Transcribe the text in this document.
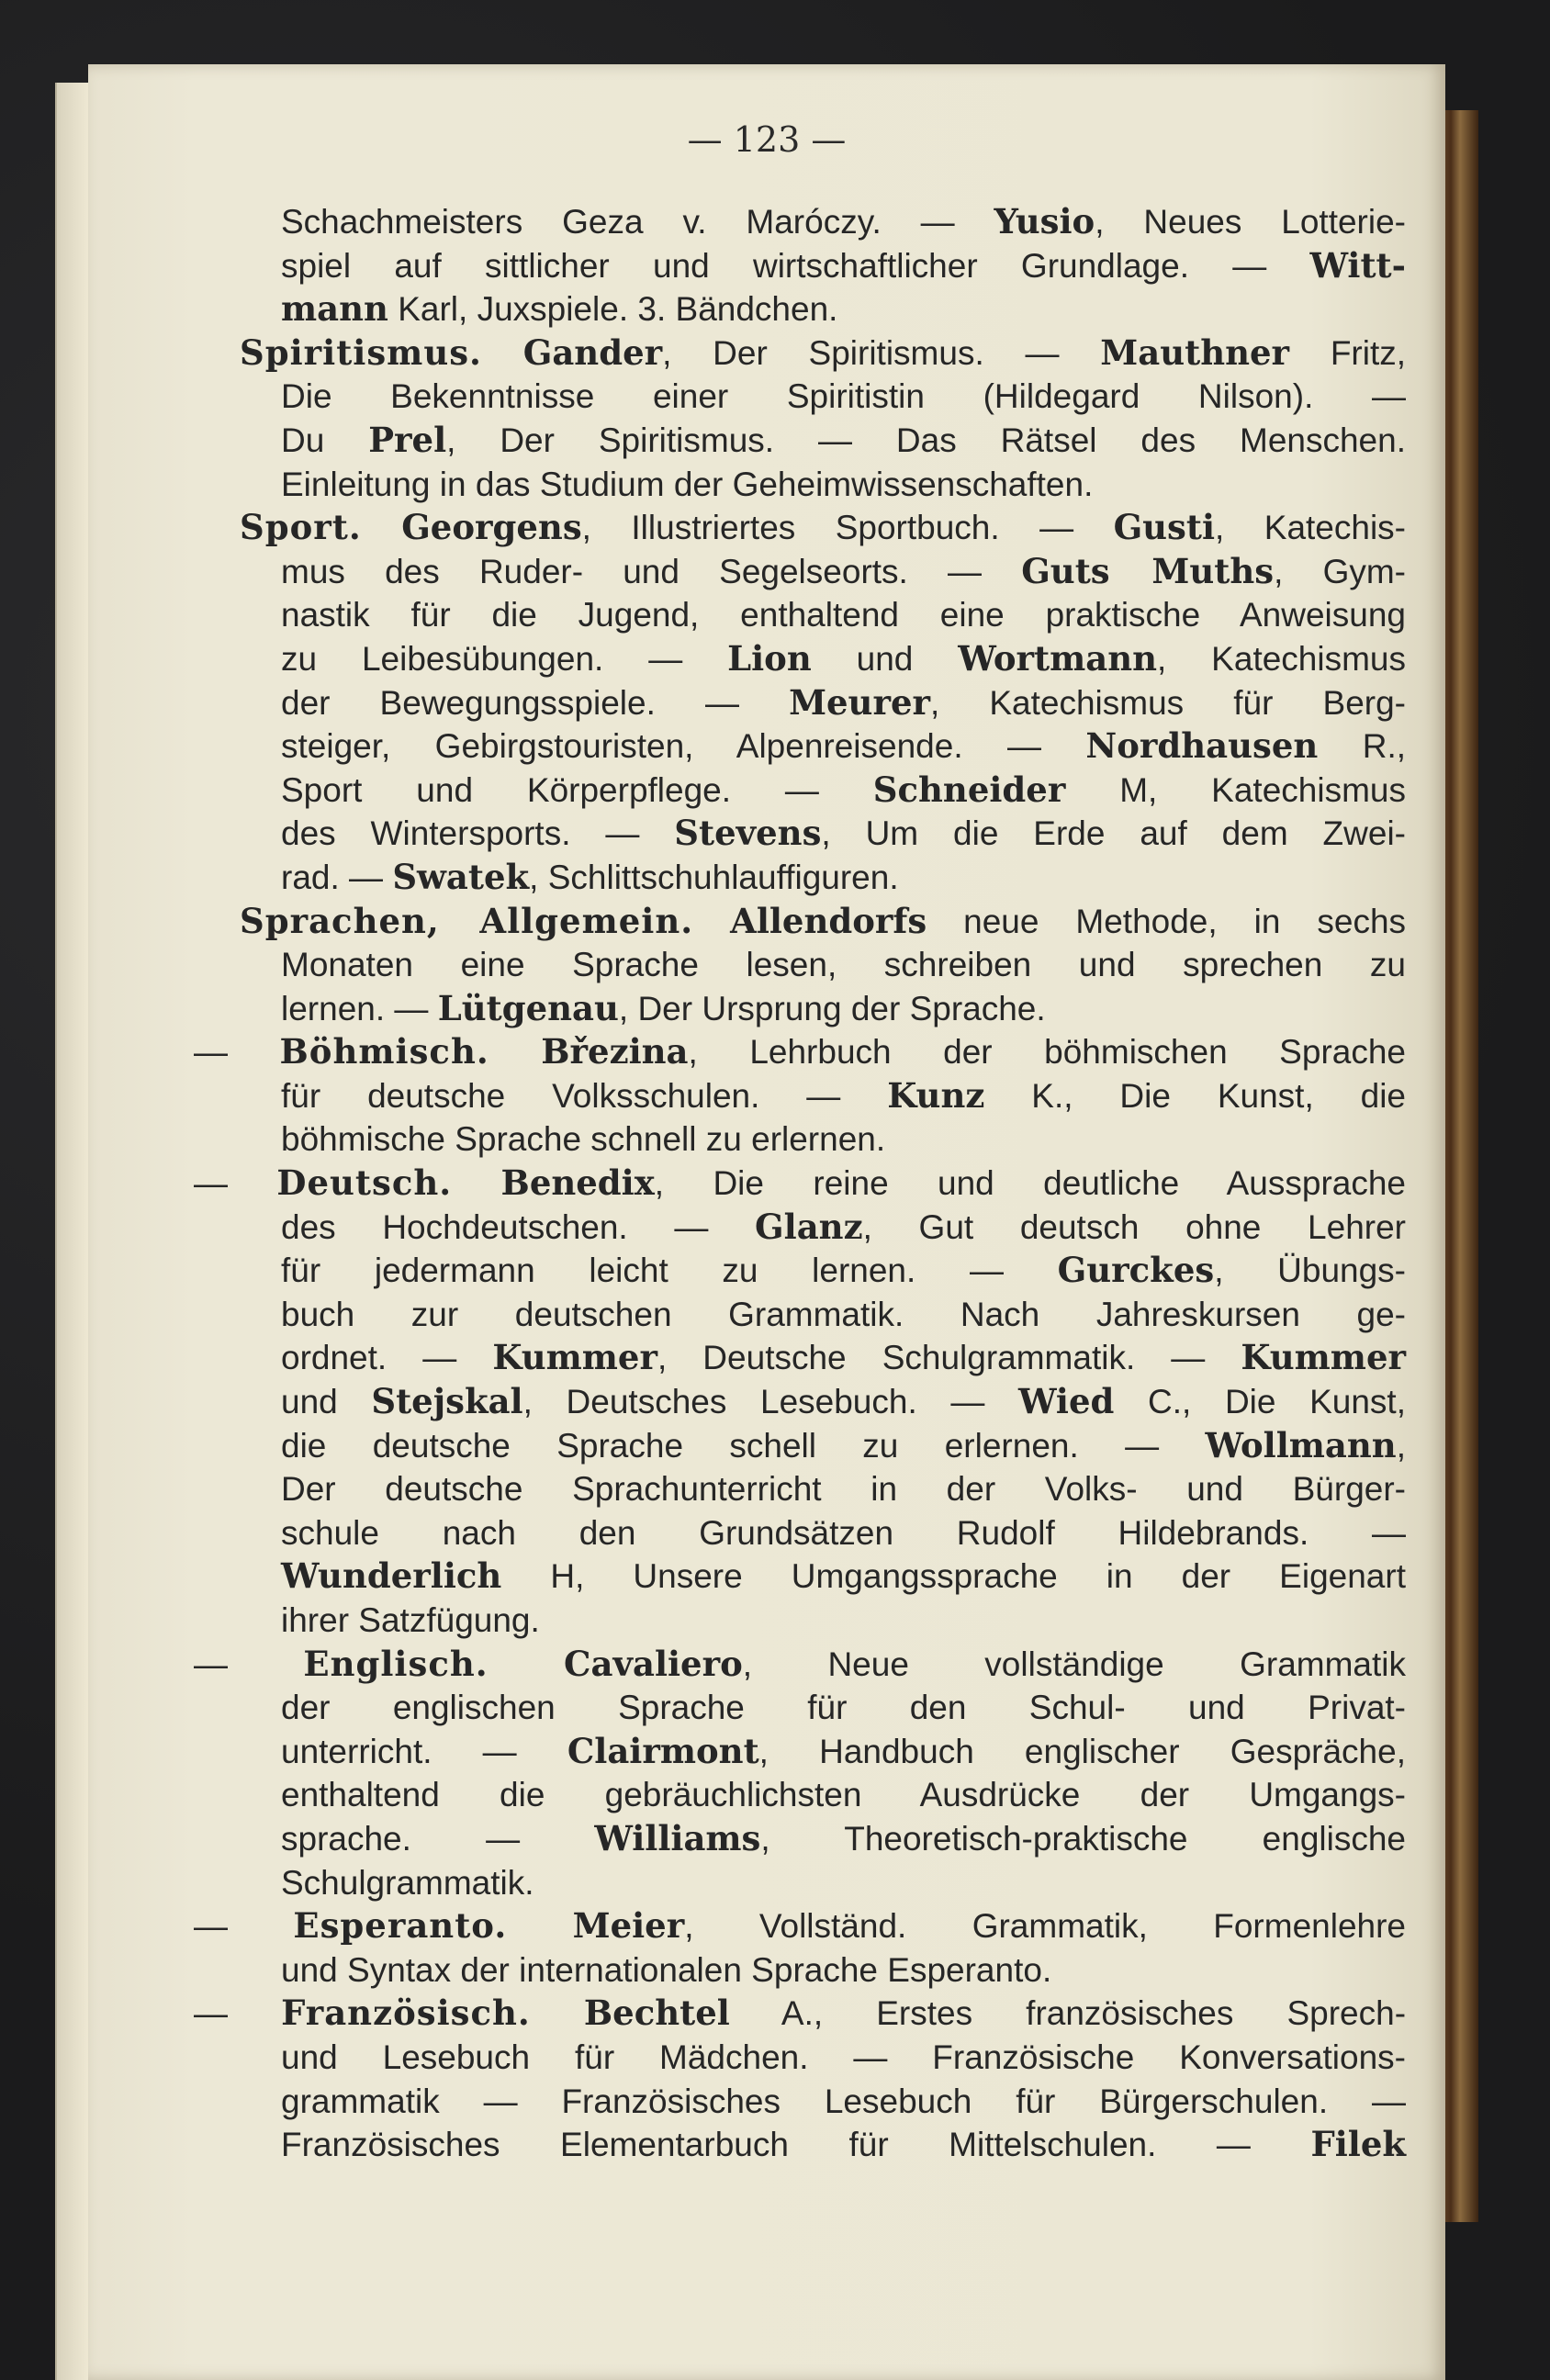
— 123 —
Schachmeisters Geza v. Maróczy. — Yusio, Neues Lotterie-
spiel auf sittlicher und wirtschaftlicher Grundlage. — Witt-
mann Karl, Juxspiele. 3. Bändchen.
Spiritismus. Gander, Der Spiritismus. — Mauthner Fritz,
Die Bekenntnisse einer Spiritistin (Hildegard Nilson). —
Du Prel, Der Spiritismus. — Das Rätsel des Menschen.
Einleitung in das Studium der Geheimwissenschaften.
Sport. Georgens, Illustriertes Sportbuch. — Gusti, Katechis-
mus des Ruder- und Segelseorts. — Guts Muths, Gym-
nastik für die Jugend, enthaltend eine praktische Anweisung
zu Leibesübungen. — Lion und Wortmann, Katechismus
der Bewegungsspiele. — Meurer, Katechismus für Berg-
steiger, Gebirgstouristen, Alpenreisende. — Nordhausen R.,
Sport und Körperpflege. — Schneider M, Katechismus
des Wintersports. — Stevens, Um die Erde auf dem Zwei-
rad. — Swatek, Schlittschuhlauffiguren.
Sprachen, Allgemein. Allendorfs neue Methode, in sechs
Monaten eine Sprache lesen, schreiben und sprechen zu
lernen. — Lütgenau, Der Ursprung der Sprache.
— Böhmisch. Březina, Lehrbuch der böhmischen Sprache
für deutsche Volksschulen. — Kunz K., Die Kunst, die
böhmische Sprache schnell zu erlernen.
— Deutsch. Benedix, Die reine und deutliche Aussprache
des Hochdeutschen. — Glanz, Gut deutsch ohne Lehrer
für jedermann leicht zu lernen. — Gurckes, Übungs-
buch zur deutschen Grammatik. Nach Jahreskursen ge-
ordnet. — Kummer, Deutsche Schulgrammatik. — Kummer
und Stejskal, Deutsches Lesebuch. — Wied C., Die Kunst,
die deutsche Sprache schell zu erlernen. — Wollmann,
Der deutsche Sprachunterricht in der Volks- und Bürger-
schule nach den Grundsätzen Rudolf Hildebrands. —
Wunderlich H, Unsere Umgangssprache in der Eigenart
ihrer Satzfügung.
— Englisch. Cavaliero, Neue vollständige Grammatik
der englischen Sprache für den Schul- und Privat-
unterricht. — Clairmont, Handbuch englischer Gespräche,
enthaltend die gebräuchlichsten Ausdrücke der Umgangs-
sprache. — Williams, Theoretisch-praktische englische
Schulgrammatik.
— Esperanto. Meier, Vollständ. Grammatik, Formenlehre
und Syntax der internationalen Sprache Esperanto.
— Französisch. Bechtel A., Erstes französisches Sprech-
und Lesebuch für Mädchen. — Französische Konversations-
grammatik — Französisches Lesebuch für Bürgerschulen. —
Französisches Elementarbuch für Mittelschulen. — Filek
